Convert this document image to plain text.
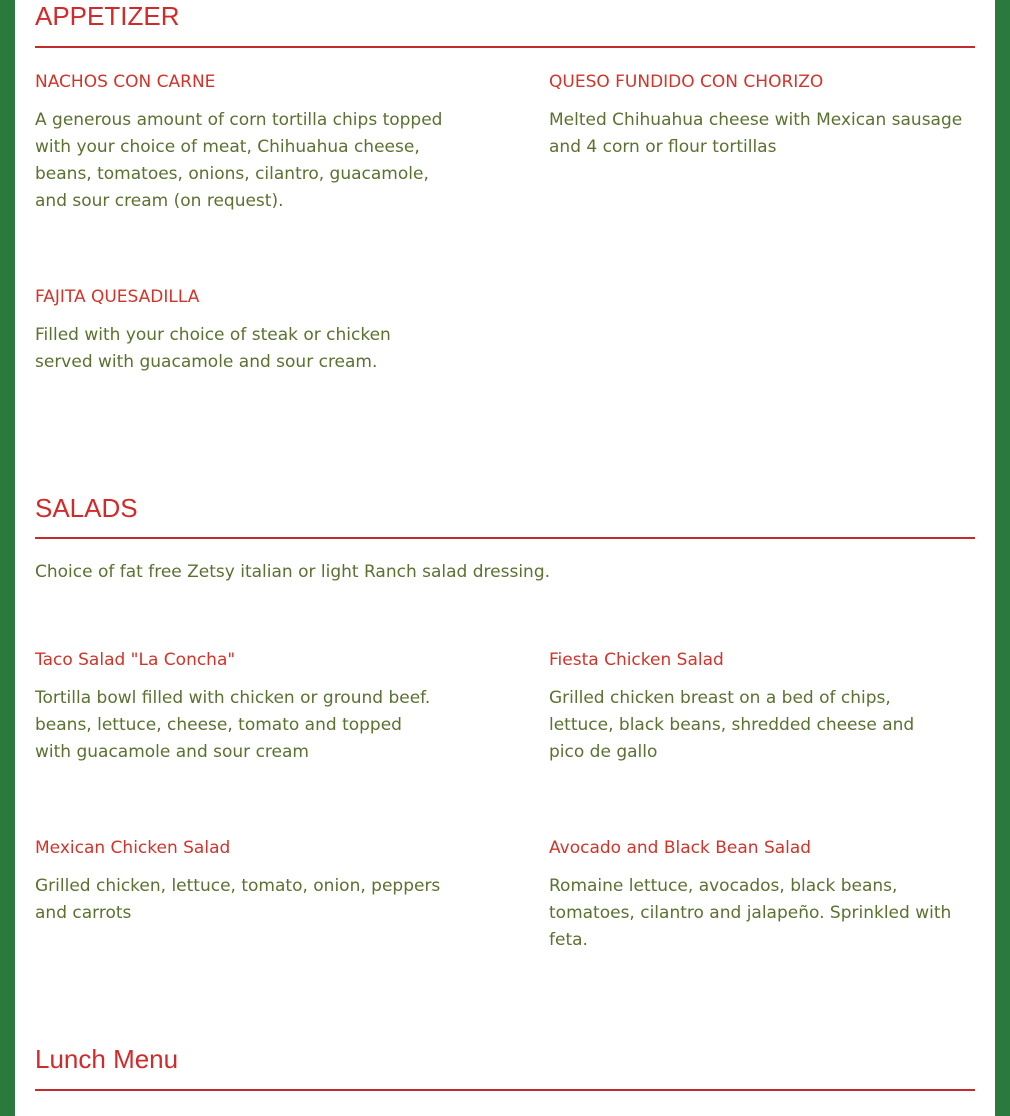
APPETIZER
NACHOS CON CARNE

A generous amount of corn tortilla chips topped with your choice of meat, Chihuahua cheese, beans, tomatoes, onions, cilantro, guacamole, and sour cream (on request).

QUESO FUNDIDO CON CHORIZO

Melted Chihuahua cheese with Mexican sausage and 4 corn or flour tortillas

FAJITA QUESADILLA

Filled with your choice of steak or chicken served with guacamole and sour cream.

SALADS

Choice of fat free Zetsy italian or light Ranch salad dressing.

Taco Salad "La Concha"

Tortilla bowl filled with chicken or ground beef. beans, lettuce, cheese, tomato and topped with guacamole and sour cream

Fiesta Chicken Salad

Grilled chicken breast on a bed of chips, lettuce, black beans, shredded cheese and pico de gallo

Mexican Chicken Salad

Grilled chicken, lettuce, tomato, onion, peppers and carrots

Avocado and Black Bean Salad

Romaine lettuce, avocados, black beans, tomatoes, cilantro and jalapeño. Sprinkled with feta.

Lunch Menu
